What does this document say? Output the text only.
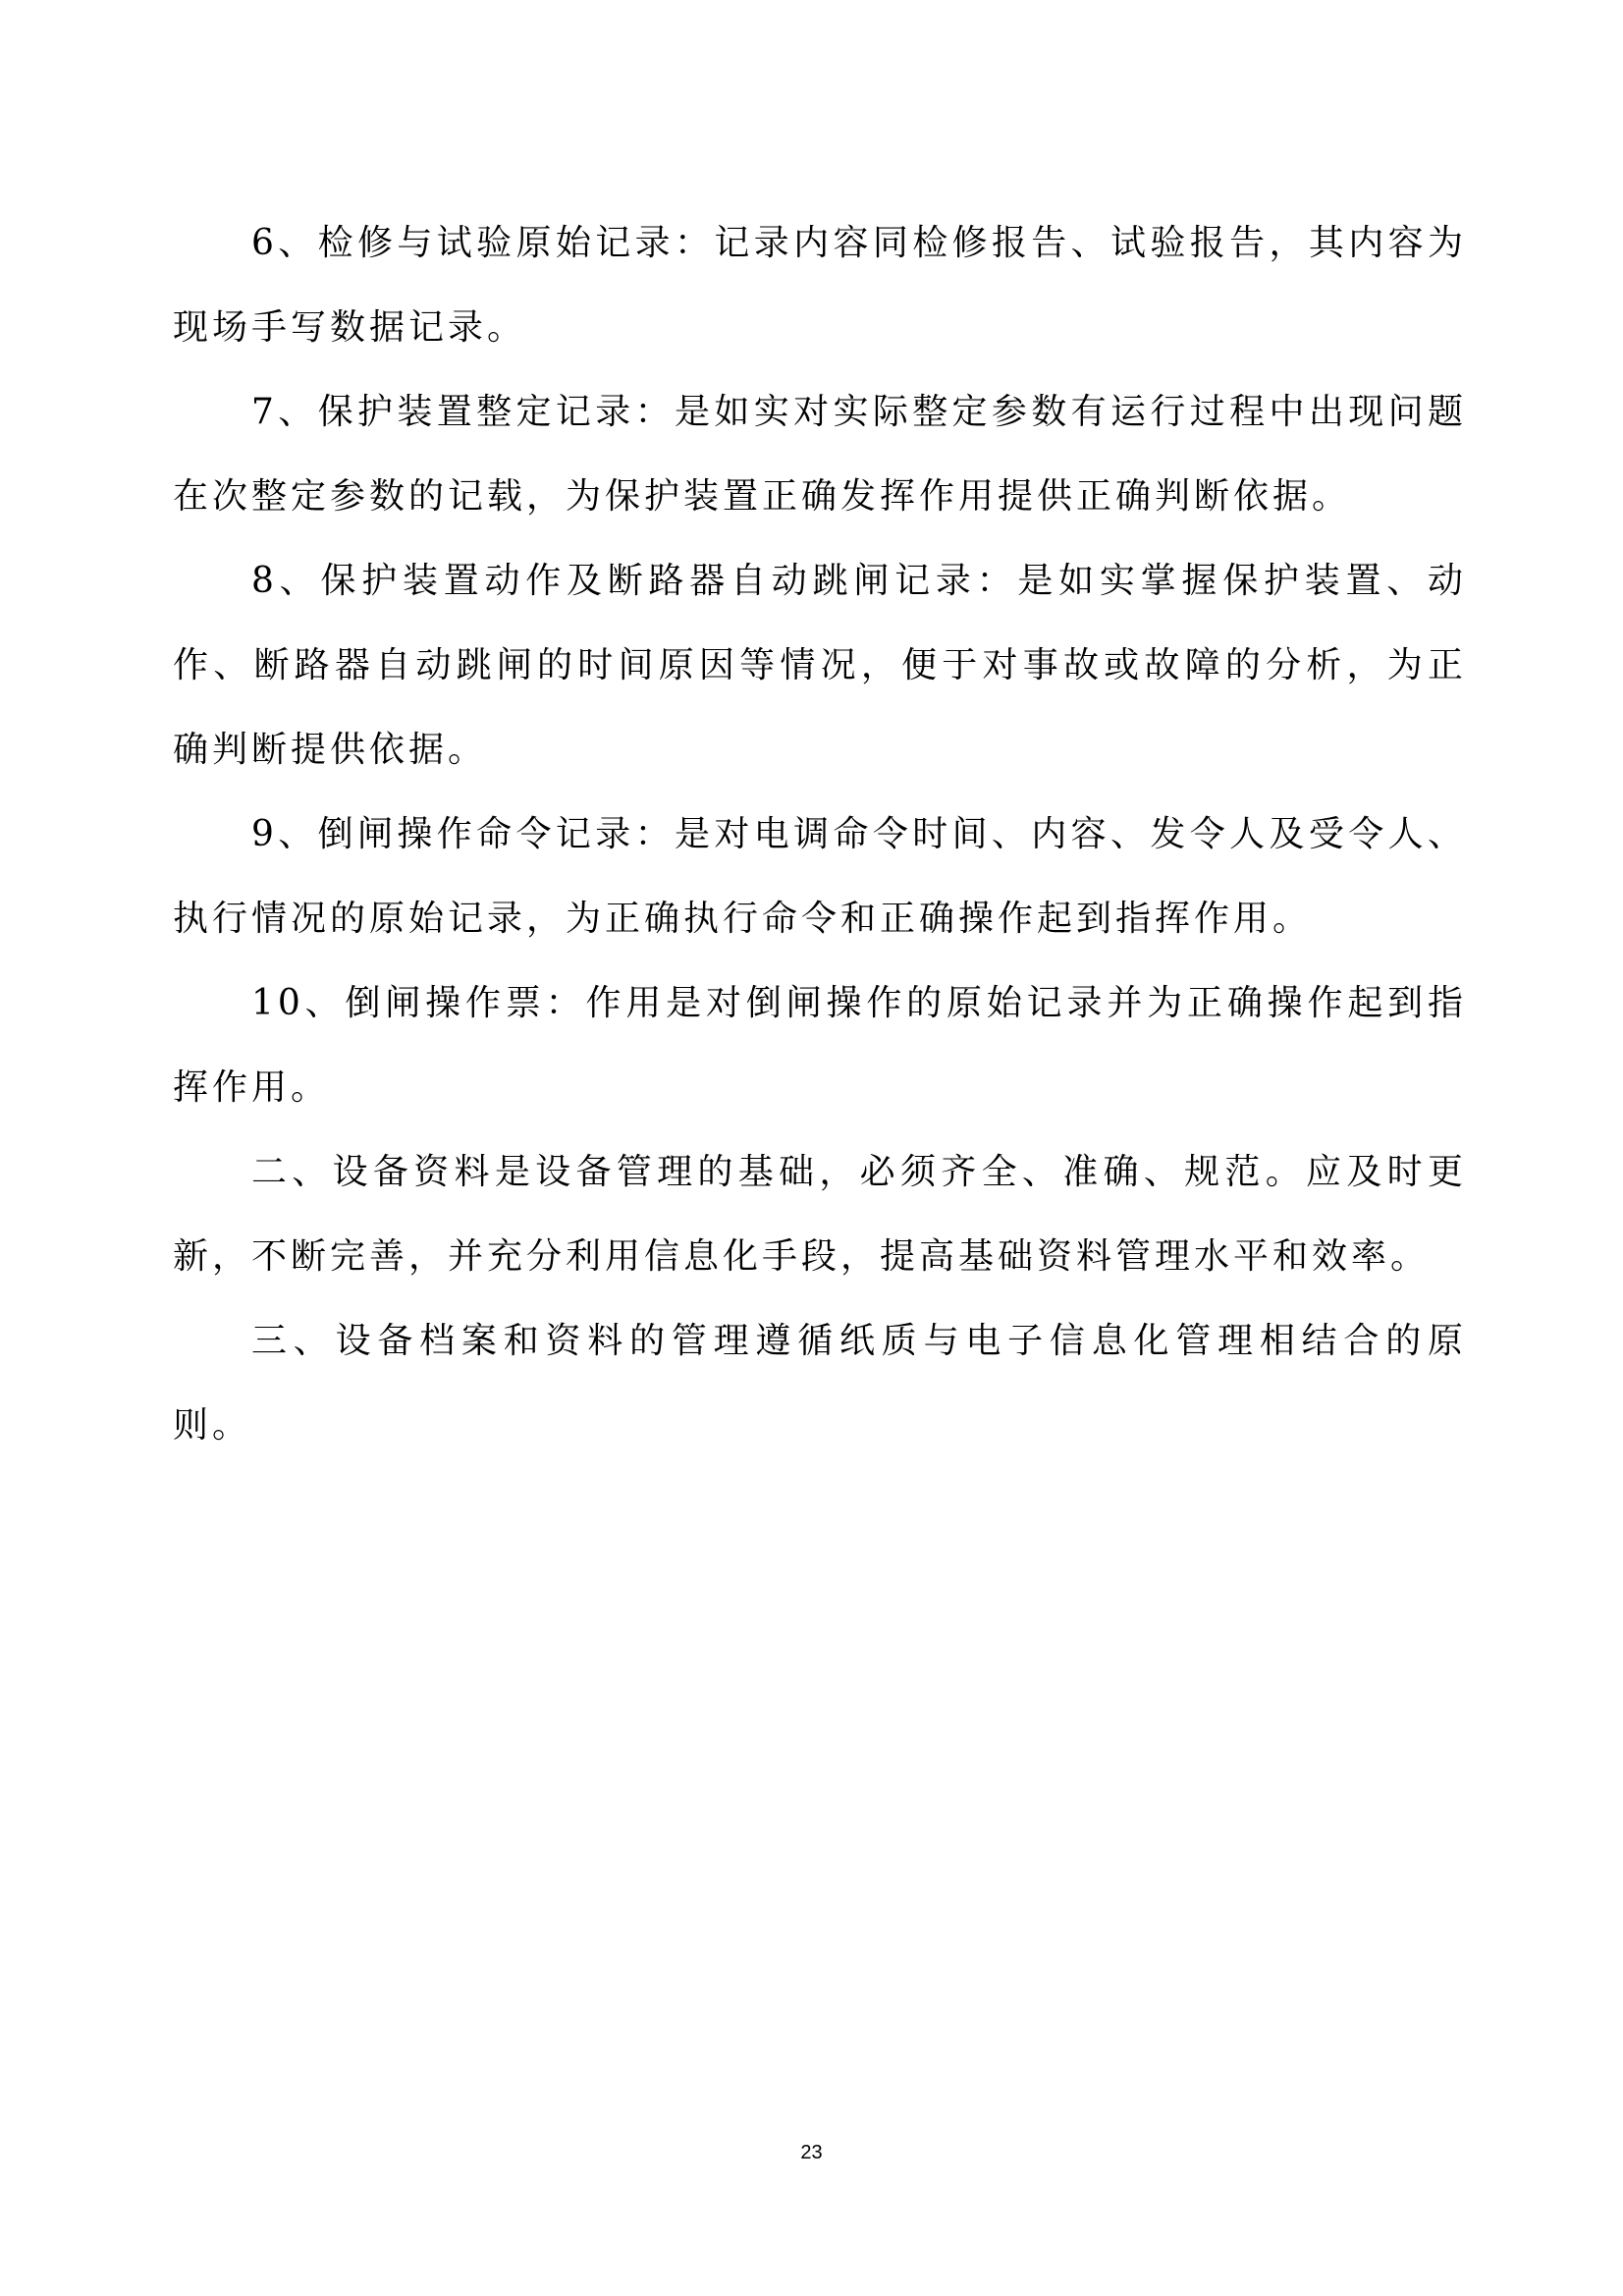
6、检修与试验原始记录：记录内容同检修报告、试验报告，其内容为现场手写数据记录。

7、保护装置整定记录：是如实对实际整定参数有运行过程中出现问题在次整定参数的记载，为保护装置正确发挥作用提供正确判断依据。

8、保护装置动作及断路器自动跳闸记录：是如实掌握保护装置、动作、断路器自动跳闸的时间原因等情况，便于对事故或故障的分析，为正确判断提供依据。

9、倒闸操作命令记录：是对电调命令时间、内容、发令人及受令人、执行情况的原始记录，为正确执行命令和正确操作起到指挥作用。

10、倒闸操作票：作用是对倒闸操作的原始记录并为正确操作起到指挥作用。

二、设备资料是设备管理的基础，必须齐全、准确、规范。应及时更新，不断完善，并充分利用信息化手段，提高基础资料管理水平和效率。

三、设备档案和资料的管理遵循纸质与电子信息化管理相结合的原则。

23
